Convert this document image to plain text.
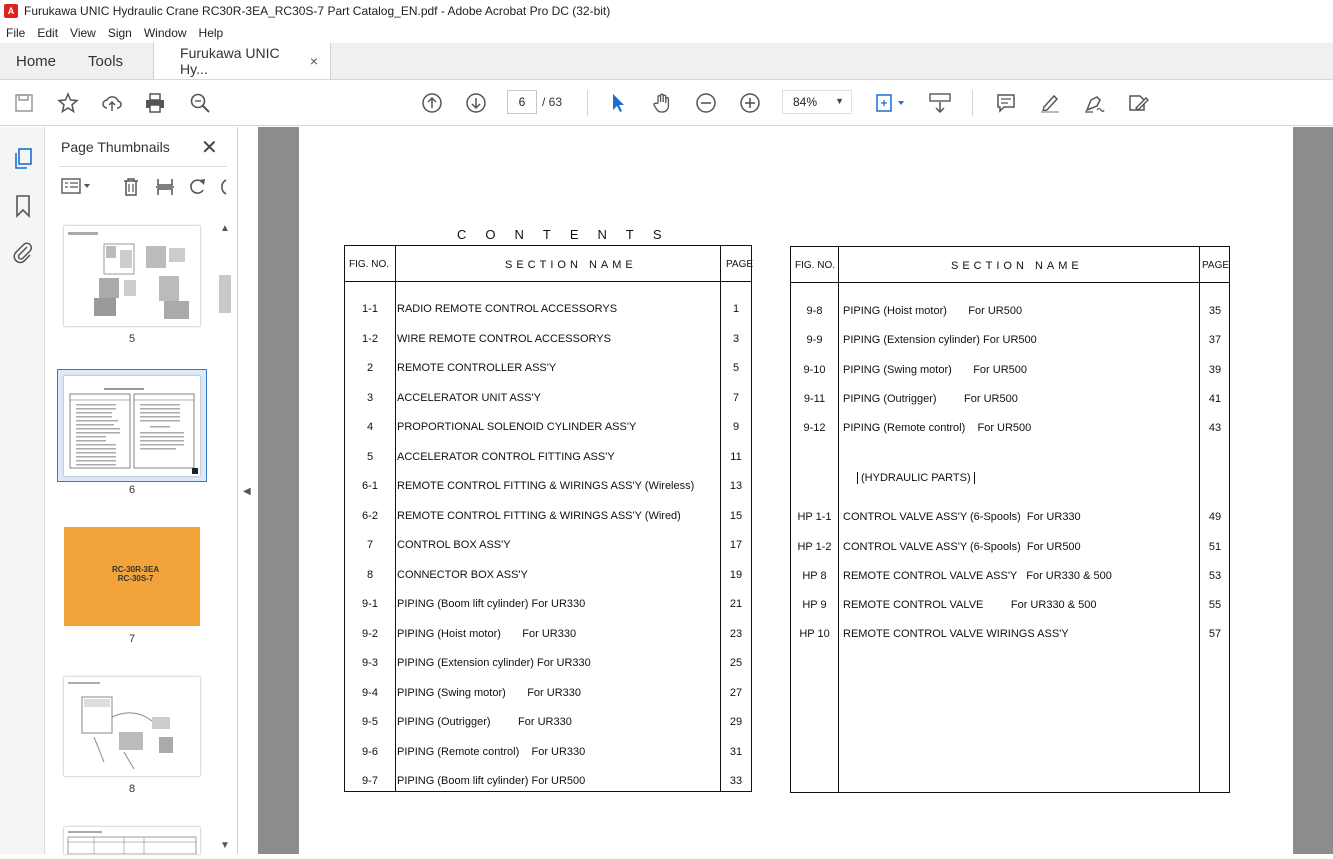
A Furukawa UNIC Hydraulic Crane RC30R-3EA_RC30S-7 Part Catalog_EN.pdf - Adobe Acrobat Pro DC (32-bit)
File	Edit	View	Sign	Window	Help
Home	Tools	Furukawa UNIC Hy...	×
6	/ 63	84% ▼
Page Thumbnails ✕
▲
▼
5
6
RC-30R-3EA
RC-30S-7
7
8
◀
CONTENTS
FIG. NO.	SECTION NAME	PAGE
1-1	RADIO REMOTE CONTROL ACCESSORYS	1
1-2	WIRE REMOTE CONTROL ACCESSORYS	3
2	REMOTE CONTROLLER ASS'Y	5
3	ACCELERATOR UNIT ASS'Y	7
4	PROPORTIONAL SOLENOID CYLINDER ASS'Y	9
5	ACCELERATOR CONTROL FITTING ASS'Y	11
6-1	REMOTE CONTROL FITTING & WIRINGS ASS'Y (Wireless)	13
6-2	REMOTE CONTROL FITTING & WIRINGS ASS'Y (Wired)	15
7	CONTROL BOX ASS'Y	17
8	CONNECTOR BOX ASS'Y	19
9-1	PIPING (Boom lift cylinder) For UR330	21
9-2	PIPING (Hoist motor)       For UR330	23
9-3	PIPING (Extension cylinder) For UR330	25
9-4	PIPING (Swing motor)       For UR330	27
9-5	PIPING (Outrigger)         For UR330	29
9-6	PIPING (Remote control)    For UR330	31
9-7	PIPING (Boom lift cylinder) For UR500	33
FIG. NO.	SECTION NAME	PAGE
9-8	PIPING (Hoist motor)       For UR500	35
9-9	PIPING (Extension cylinder) For UR500	37
9-10	PIPING (Swing motor)       For UR500	39
9-11	PIPING (Outrigger)         For UR500	41
9-12	PIPING (Remote control)    For UR500	43
(HYDRAULIC PARTS)
HP 1-1	CONTROL VALVE ASS'Y (6-Spools)  For UR330	49
HP 1-2	CONTROL VALVE ASS'Y (6-Spools)  For UR500	51
HP 8	REMOTE CONTROL VALVE ASS'Y   For UR330 & 500	53
HP 9	REMOTE CONTROL VALVE         For UR330 & 500	55
HP 10	REMOTE CONTROL VALVE WIRINGS ASS'Y	57
